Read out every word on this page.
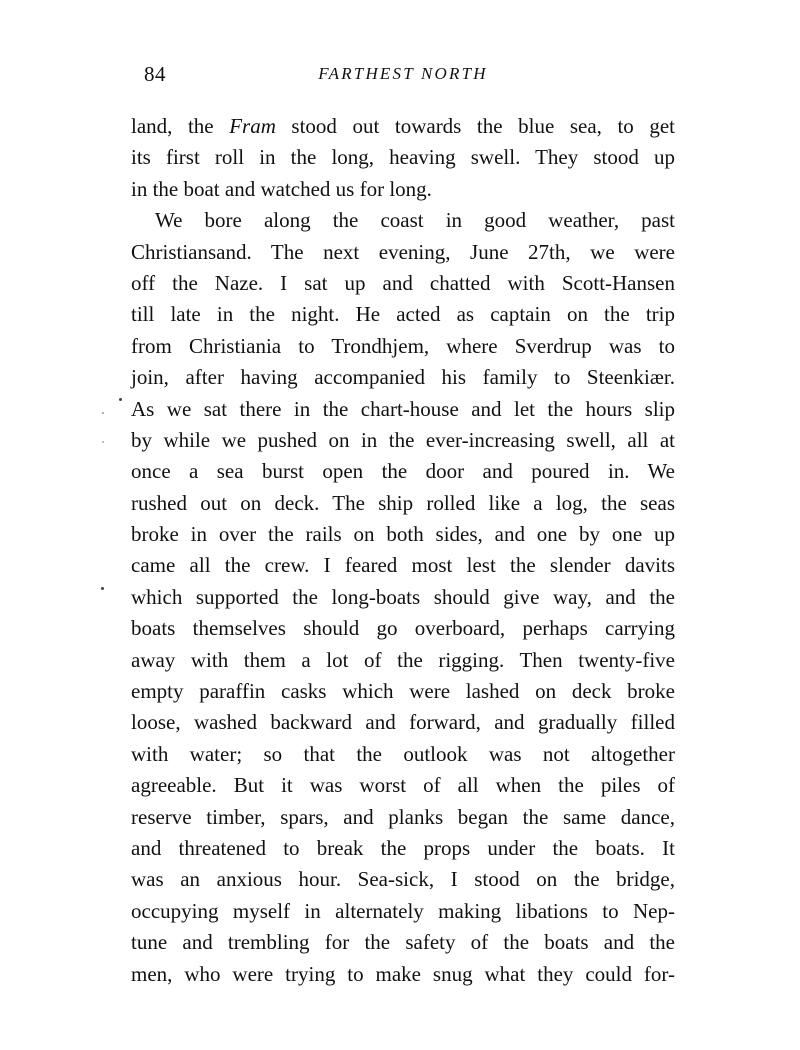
84	FARTHEST NORTH
land, the Fram stood out towards the blue sea, to get
its first roll in the long, heaving swell. They stood up
in the boat and watched us for long.
We bore along the coast in good weather, past
Christiansand. The next evening, June 27th, we were
off the Naze. I sat up and chatted with Scott-Hansen
till late in the night. He acted as captain on the trip
from Christiania to Trondhjem, where Sverdrup was to
join, after having accompanied his family to Steenkiær.
As we sat there in the chart-house and let the hours slip
by while we pushed on in the ever-increasing swell, all at
once a sea burst open the door and poured in. We
rushed out on deck. The ship rolled like a log, the seas
broke in over the rails on both sides, and one by one up
came all the crew. I feared most lest the slender davits
which supported the long-boats should give way, and the
boats themselves should go overboard, perhaps carrying
away with them a lot of the rigging. Then twenty-five
empty paraffin casks which were lashed on deck broke
loose, washed backward and forward, and gradually filled
with water; so that the outlook was not altogether
agreeable. But it was worst of all when the piles of
reserve timber, spars, and planks began the same dance,
and threatened to break the props under the boats. It
was an anxious hour. Sea-sick, I stood on the bridge,
occupying myself in alternately making libations to Nep-
tune and trembling for the safety of the boats and the
men, who were trying to make snug what they could for-
